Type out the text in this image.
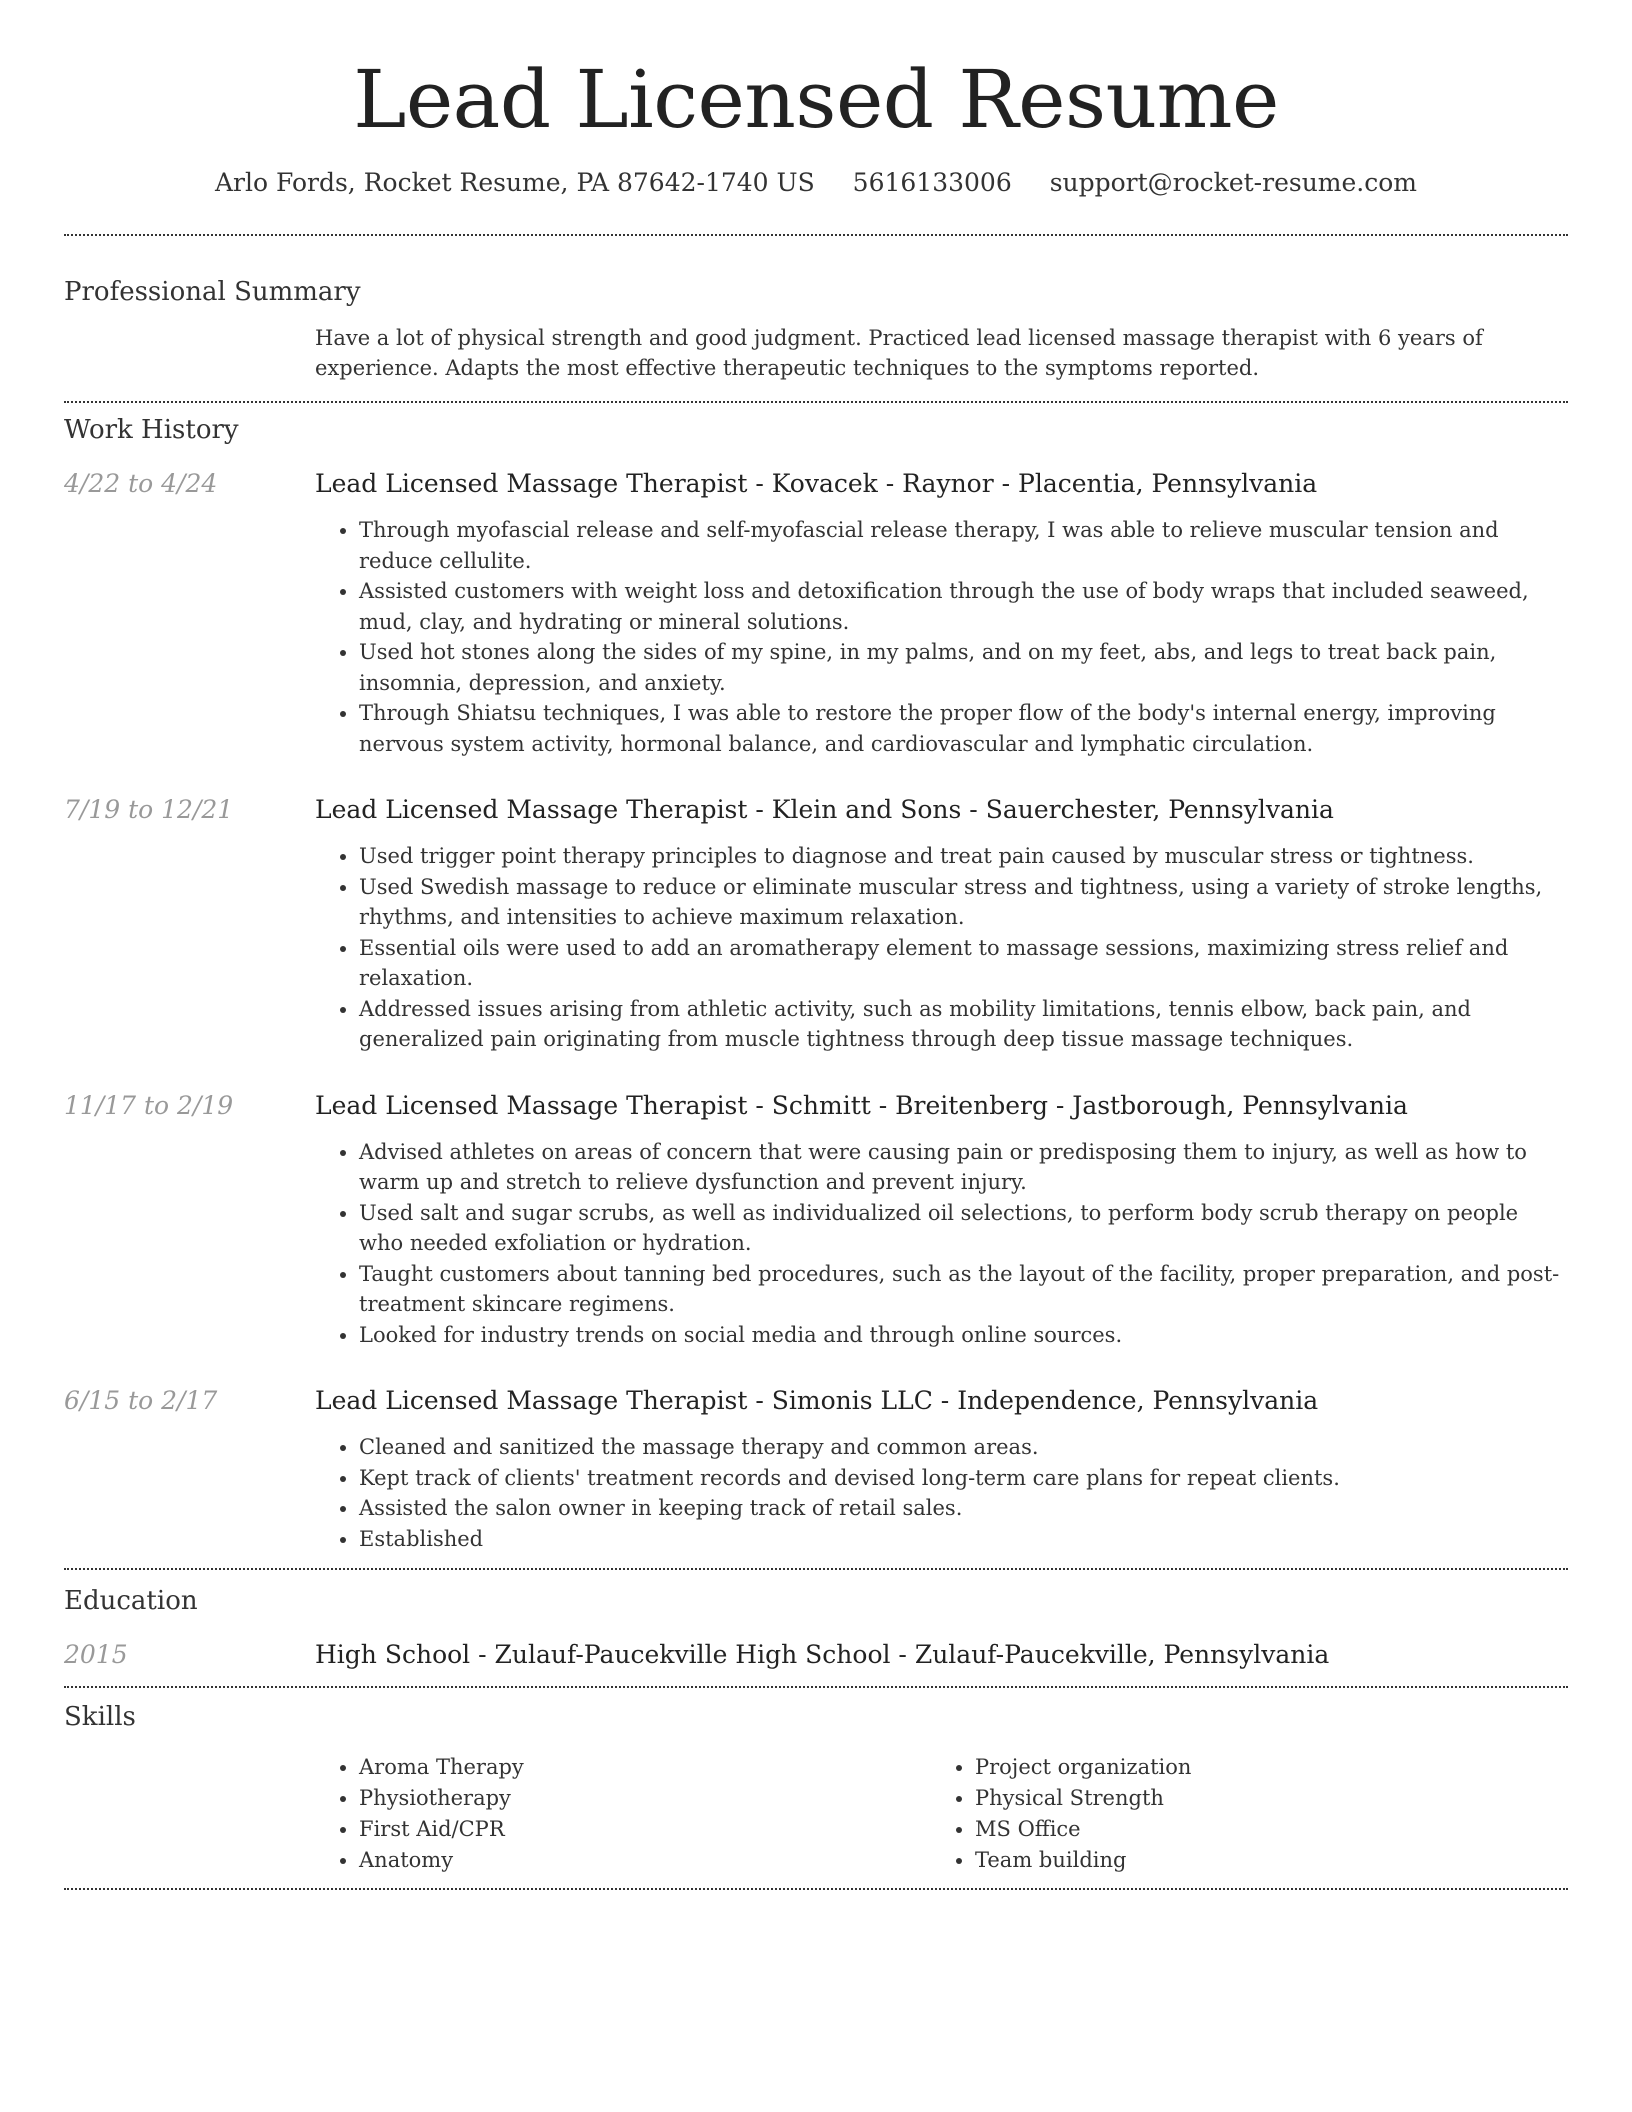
Lead Licensed Resume
Arlo Fords, Rocket Resume, PA 87642-1740 US 5616133006 support@rocket-resume.com
Professional Summary
Have a lot of physical strength and good judgment. Practiced lead licensed massage therapist with 6 years of experience. Adapts the most effective therapeutic techniques to the symptoms reported.
Work History
4/22 to 4/24	Lead Licensed Massage Therapist - Kovacek - Raynor - Placentia, Pennsylvania
• Through myofascial release and self-myofascial release therapy, I was able to relieve muscular tension and reduce cellulite.
• Assisted customers with weight loss and detoxification through the use of body wraps that included seaweed, mud, clay, and hydrating or mineral solutions.
• Used hot stones along the sides of my spine, in my palms, and on my feet, abs, and legs to treat back pain, insomnia, depression, and anxiety.
• Through Shiatsu techniques, I was able to restore the proper flow of the body's internal energy, improving nervous system activity, hormonal balance, and cardiovascular and lymphatic circulation.
7/19 to 12/21	Lead Licensed Massage Therapist - Klein and Sons - Sauerchester, Pennsylvania
• Used trigger point therapy principles to diagnose and treat pain caused by muscular stress or tightness.
• Used Swedish massage to reduce or eliminate muscular stress and tightness, using a variety of stroke lengths, rhythms, and intensities to achieve maximum relaxation.
• Essential oils were used to add an aromatherapy element to massage sessions, maximizing stress relief and relaxation.
• Addressed issues arising from athletic activity, such as mobility limitations, tennis elbow, back pain, and generalized pain originating from muscle tightness through deep tissue massage techniques.
11/17 to 2/19	Lead Licensed Massage Therapist - Schmitt - Breitenberg - Jastborough, Pennsylvania
• Advised athletes on areas of concern that were causing pain or predisposing them to injury, as well as how to warm up and stretch to relieve dysfunction and prevent injury.
• Used salt and sugar scrubs, as well as individualized oil selections, to perform body scrub therapy on people who needed exfoliation or hydration.
• Taught customers about tanning bed procedures, such as the layout of the facility, proper preparation, and post-treatment skincare regimens.
• Looked for industry trends on social media and through online sources.
6/15 to 2/17	Lead Licensed Massage Therapist - Simonis LLC - Independence, Pennsylvania
• Cleaned and sanitized the massage therapy and common areas.
• Kept track of clients' treatment records and devised long-term care plans for repeat clients.
• Assisted the salon owner in keeping track of retail sales.
• Established
Education
2015	High School - Zulauf-Paucekville High School - Zulauf-Paucekville, Pennsylvania
Skills
• Aroma Therapy
• Physiotherapy
• First Aid/CPR
• Anatomy
• Project organization
• Physical Strength
• MS Office
• Team building
